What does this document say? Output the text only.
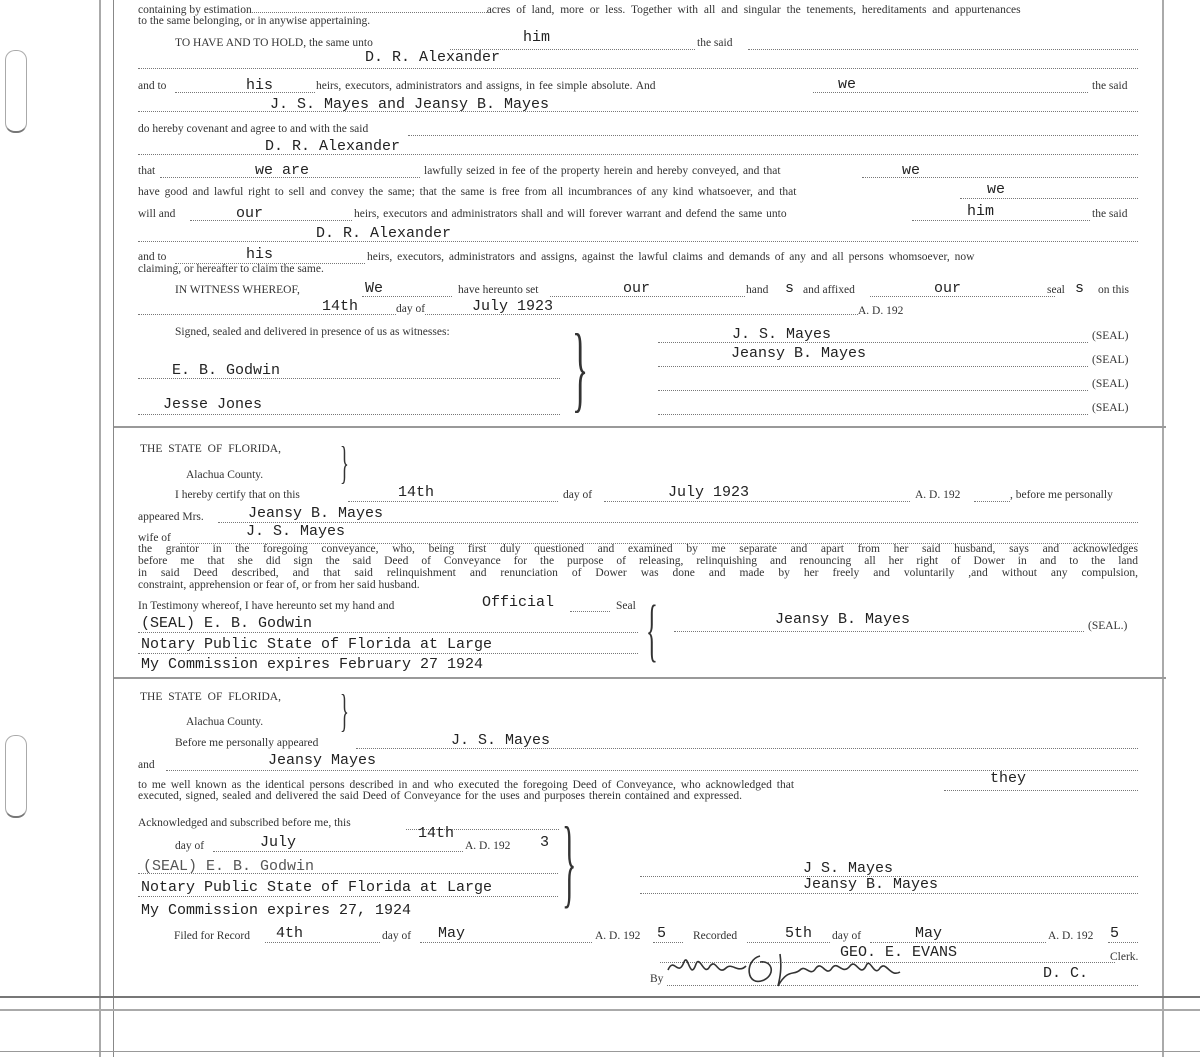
containing by estimation	acres of land, more or less. Together with all and singular the tenements, hereditaments and appurtenances
to the same belonging, or in anywise appertaining.
TO HAVE AND TO HOLD, the same unto	him	the said
D. R. Alexander
and to	his	heirs, executors, administrators and assigns, in fee simple absolute. And	we	the said
J. S. Mayes and Jeansy B. Mayes
do hereby covenant and agree to and with the said
D. R. Alexander
that	we are	lawfully seized in fee of the property herein and hereby conveyed, and that	we
have good and lawful right to sell and convey the same; that the same is free from all incumbrances of any kind whatsoever, and that	we
will and	our	heirs, executors and administrators shall and will forever warrant and defend the same unto	him	the said
D. R. Alexander
and to	his	heirs, executors, administrators and assigns, against the lawful claims and demands of any and all persons whomsoever, now
claiming, or hereafter to claim the same.
IN WITNESS WHEREOF,	We	have hereunto set	our	hand s and affixed	our	seal s on this
14th	day of	July 1923	A. D. 192
Signed, sealed and delivered in presence of us as witnesses: }
E. B. Godwin
Jesse Jones
J. S. Mayes	(SEAL)
Jeansy B. Mayes	(SEAL)
(SEAL)
(SEAL)
THE STATE OF FLORIDA,
Alachua County. }
I hereby certify that on this	14th	day of	July 1923	A. D. 192	, before me personally
appeared Mrs.	Jeansy B. Mayes
wife of	J. S. Mayes
the grantor in the foregoing conveyance, who, being first duly questioned and examined by me separate and apart from her said husband, says and acknowledges
before me that she did sign the said Deed of Conveyance for the purpose of releasing, relinquishing and renouncing all her right of Dower in and to the land
in said Deed described, and that said relinquishment and renunciation of Dower was done and made by her freely and voluntarily ,and without any compulsion,
constraint, apprehension or fear of, or from her said husband.
In Testimony whereof, I have hereunto set my hand and	Official	Seal {
(SEAL) E. B. Godwin
Notary Public State of Florida at Large
My Commission expires February 27 1924
Jeansy B. Mayes	(SEAL.)
THE STATE OF FLORIDA,
Alachua County. }
Before me personally appeared	J. S. Mayes
and	Jeansy Mayes
to me well known as the identical persons described in and who executed the foregoing Deed of Conveyance, who acknowledged that	they
executed, signed, sealed and delivered the said Deed of Conveyance for the uses and purposes therein contained and expressed.
Acknowledged and subscribed before me, this
14th }
day of	July	A. D. 192 3
(SEAL) E. B. Godwin
Notary Public State of Florida at Large
My Commission expires 27, 1924
J S. Mayes
Jeansy B. Mayes
Filed for Record 4th	day of May	A. D. 192 5 Recorded	5th day of	May	A. D. 192 5
GEO. E. EVANS	Clerk.
By	D. C.
